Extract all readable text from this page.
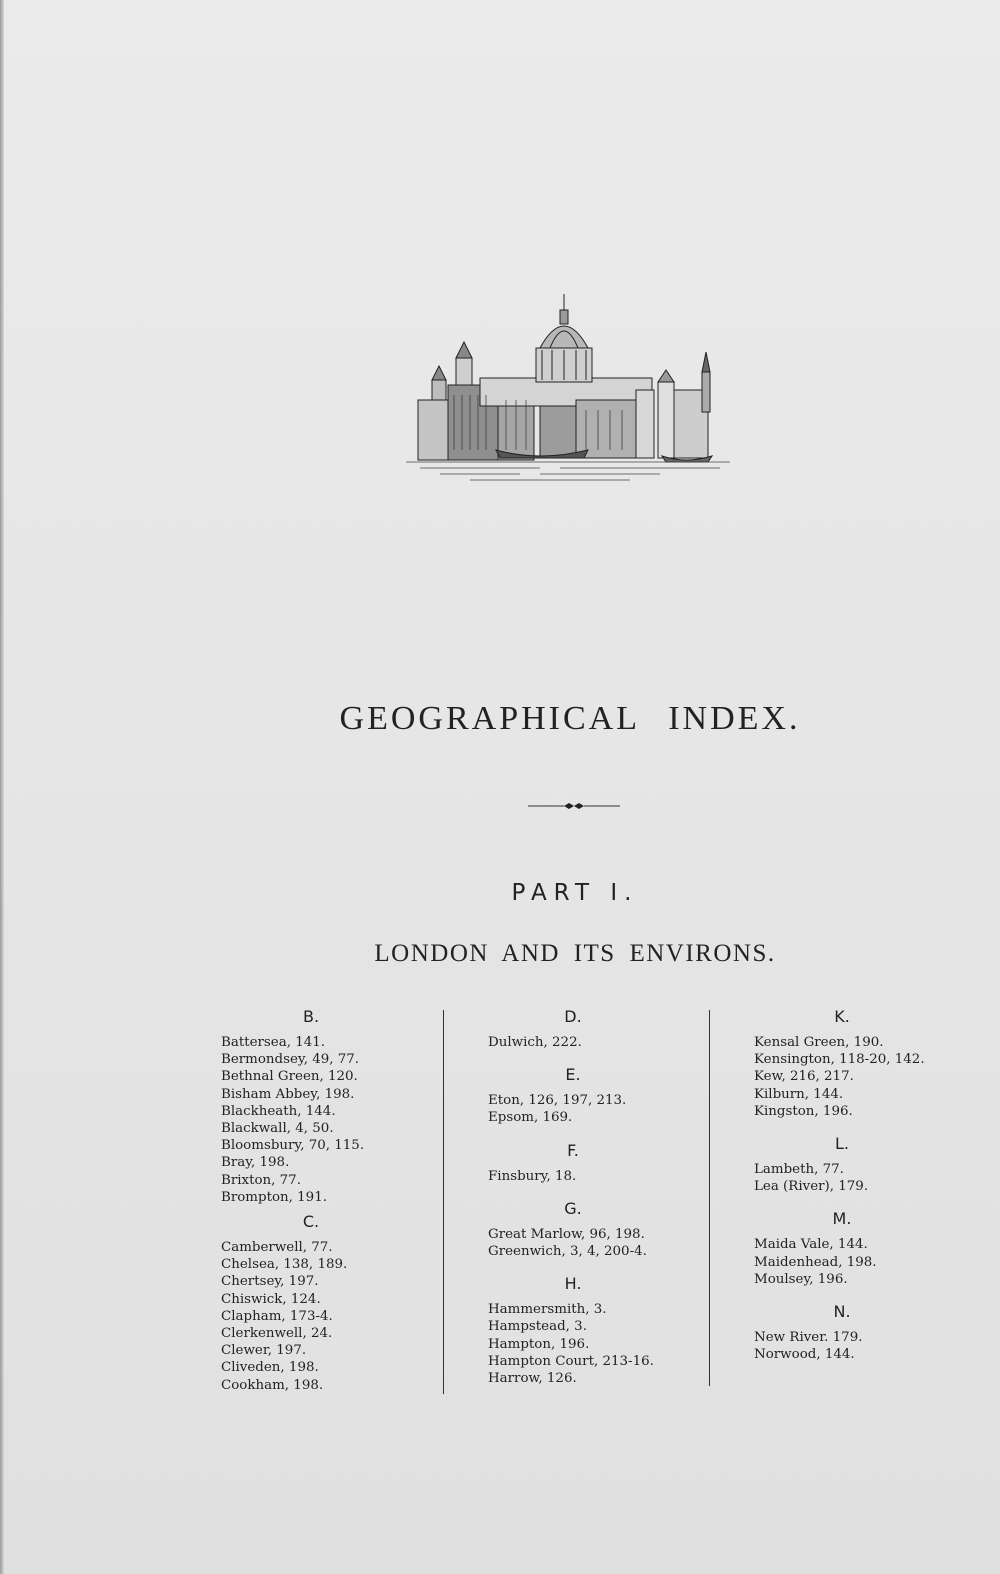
GEOGRAPHICAL INDEX.
PART I.
LONDON AND ITS ENVIRONS.
B.
Battersea, 141.
Bermondsey, 49, 77.
Bethnal Green, 120.
Bisham Abbey, 198.
Blackheath, 144.
Blackwall, 4, 50.
Bloomsbury, 70, 115.
Bray, 198.
Brixton, 77.
Brompton, 191.
C.
Camberwell, 77.
Chelsea, 138, 189.
Chertsey, 197.
Chiswick, 124.
Clapham, 173-4.
Clerkenwell, 24.
Clewer, 197.
Cliveden, 198.
Cookham, 198.
D.
Dulwich, 222.
E.
Eton, 126, 197, 213.
Epsom, 169.
F.
Finsbury, 18.
G.
Great Marlow, 96, 198.
Greenwich, 3, 4, 200-4.
H.
Hammersmith, 3.
Hampstead, 3.
Hampton, 196.
Hampton Court, 213-16.
Harrow, 126.
K.
Kensal Green, 190.
Kensington, 118-20, 142.
Kew, 216, 217.
Kilburn, 144.
Kingston, 196.
L.
Lambeth, 77.
Lea (River), 179.
M.
Maida Vale, 144.
Maidenhead, 198.
Moulsey, 196.
N.
New River. 179.
Norwood, 144.
